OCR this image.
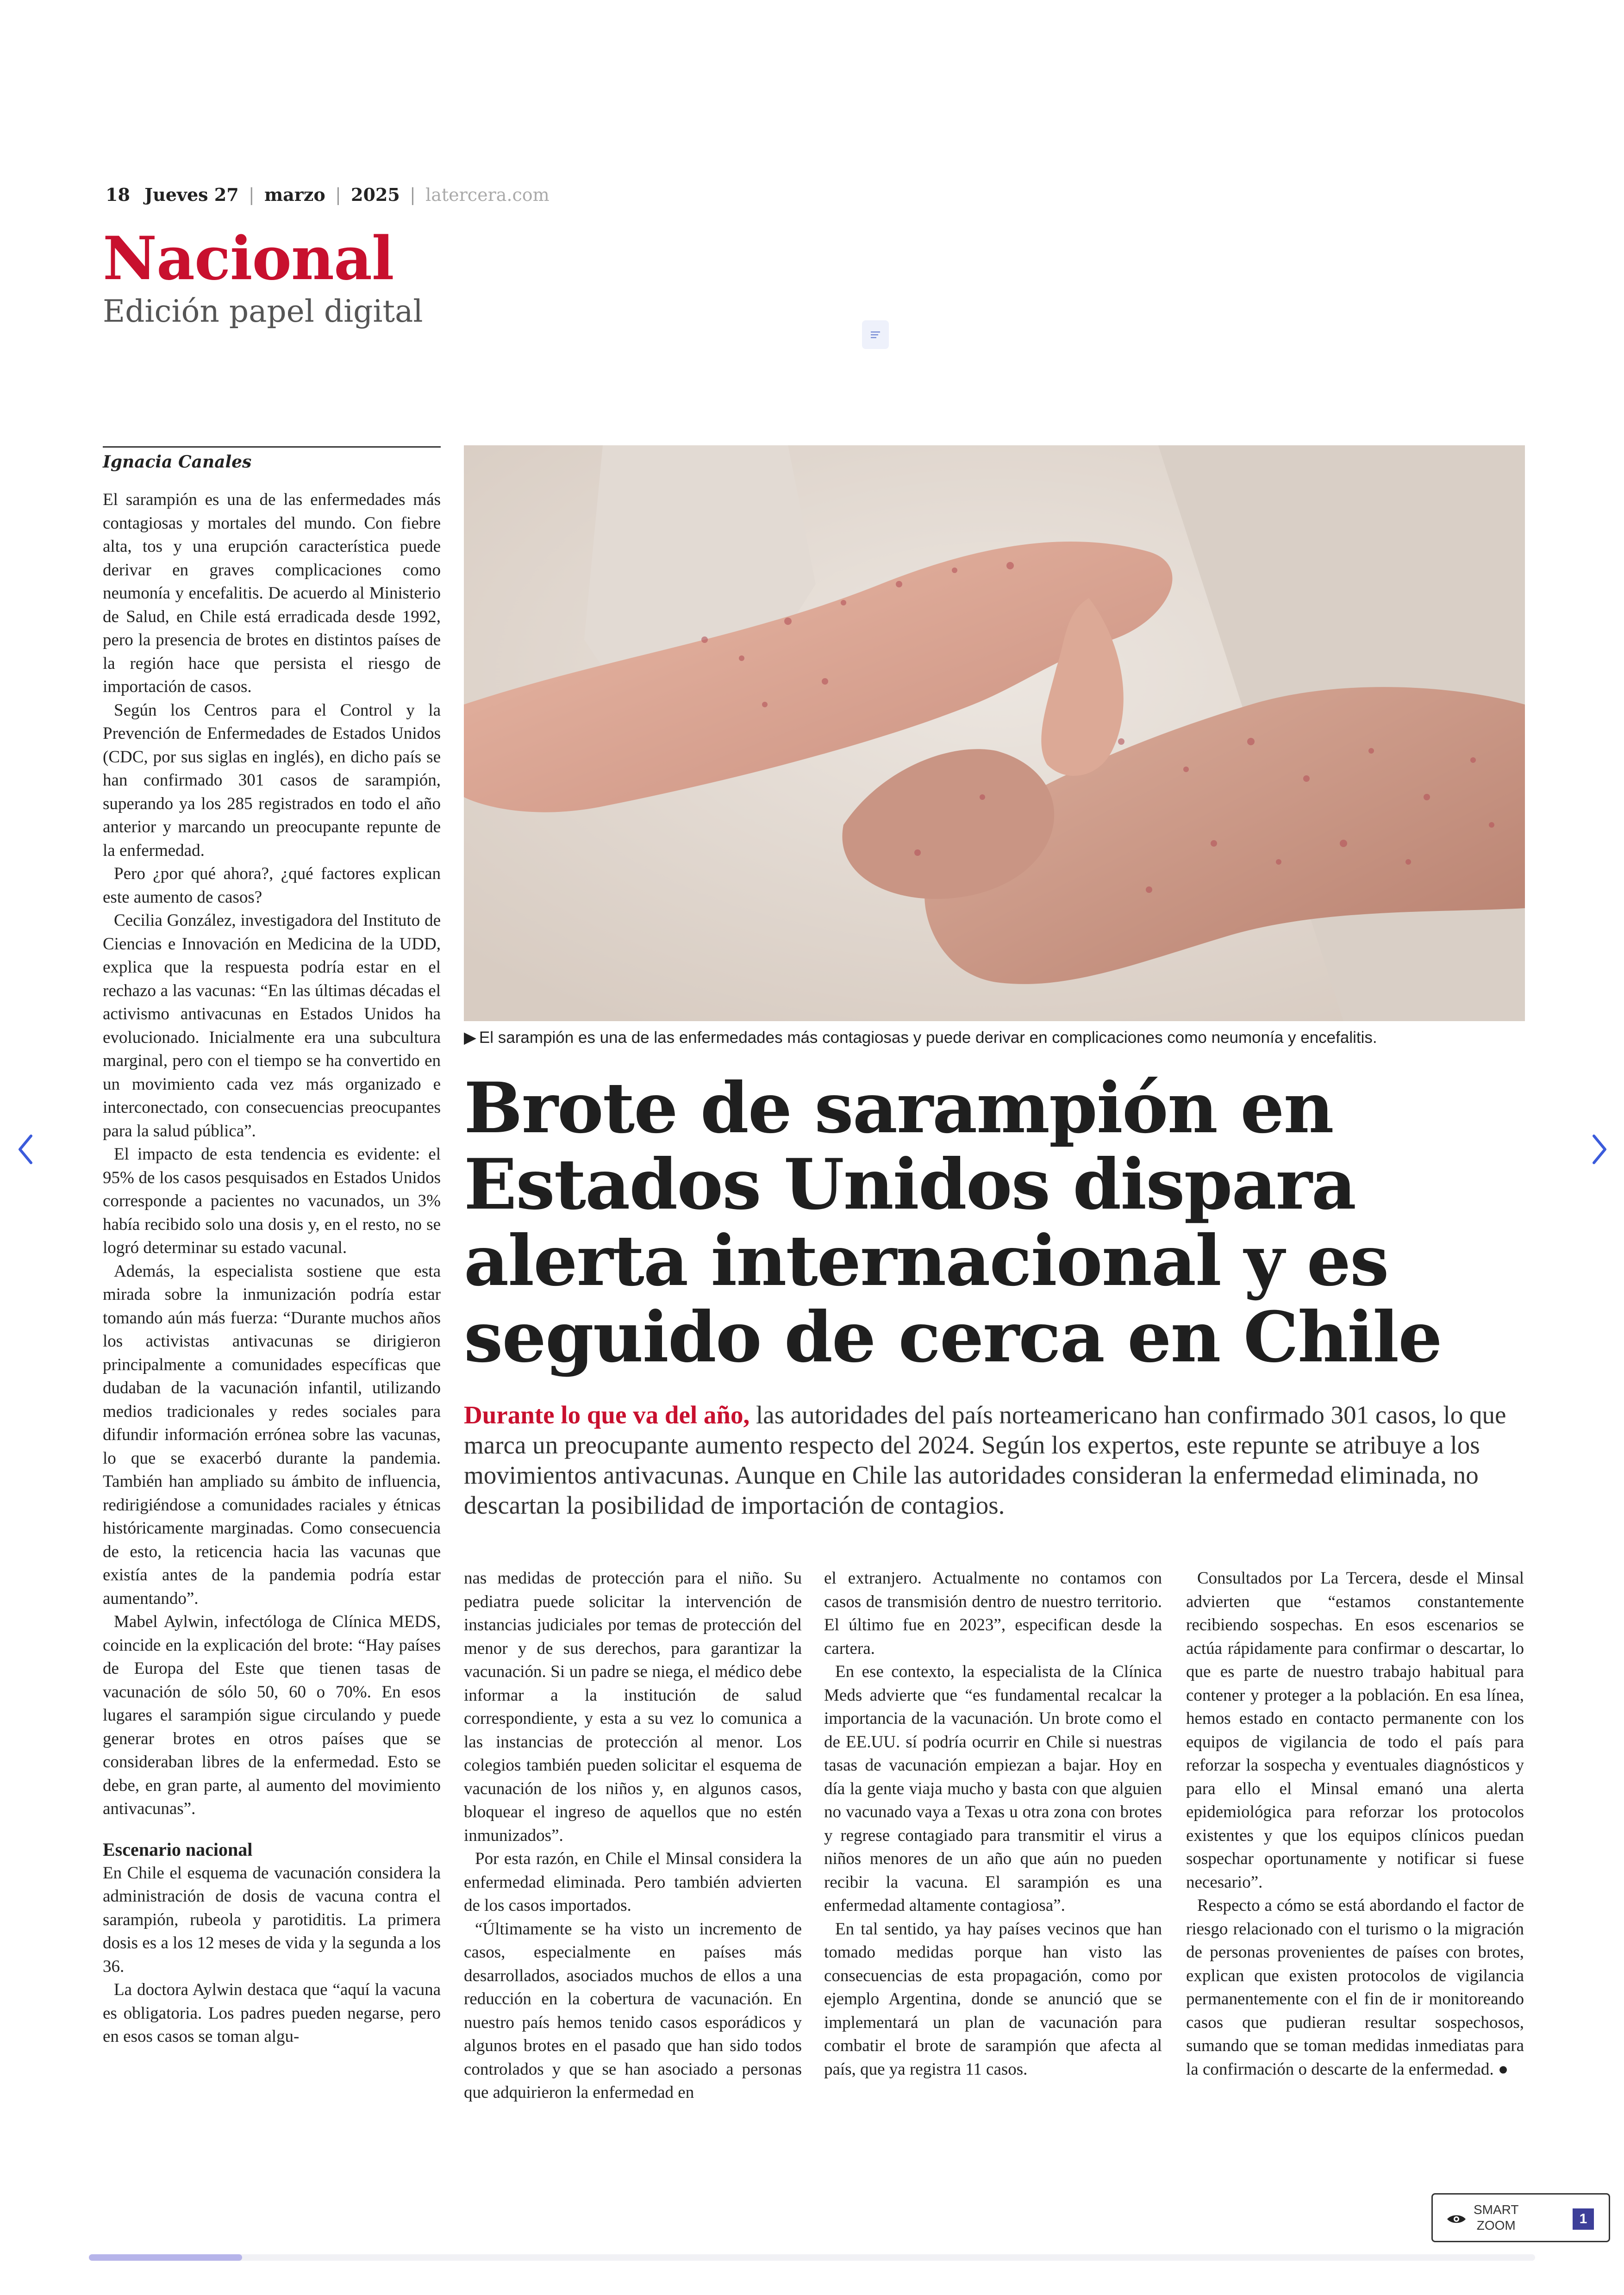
18 Jueves 27 | marzo | 2025 | latercera.com
Nacional
Edición papel digital
Ignacia Canales

El sarampión es una de las enfermedades más contagiosas y mortales del mundo. Con fiebre alta, tos y una erupción característica puede derivar en graves complicaciones como neumonía y encefalitis. De acuerdo al Ministerio de Salud, en Chile está erradicada desde 1992, pero la presencia de brotes en distintos países de la región hace que persista el riesgo de importación de casos.

Según los Centros para el Control y la Prevención de Enfermedades de Estados Unidos (CDC, por sus siglas en inglés), en dicho país se han confirmado 301 casos de sarampión, superando ya los 285 registrados en todo el año anterior y marcando un preocupante repunte de la enfermedad.

Pero ¿por qué ahora?, ¿qué factores explican este aumento de casos?

Cecilia González, investigadora del Instituto de Ciencias e Innovación en Medicina de la UDD, explica que la respuesta podría estar en el rechazo a las vacunas: “En las últimas décadas el activismo antivacunas en Estados Unidos ha evolucionado. Inicialmente era una subcultura marginal, pero con el tiempo se ha convertido en un movimiento cada vez más organizado e interconectado, con consecuencias preocupantes para la salud pública”.

El impacto de esta tendencia es evidente: el 95% de los casos pesquisados en Estados Unidos corresponde a pacientes no vacunados, un 3% había recibido solo una dosis y, en el resto, no se logró determinar su estado vacunal.

Además, la especialista sostiene que esta mirada sobre la inmunización podría estar tomando aún más fuerza: “Durante muchos años los activistas antivacunas se dirigieron principalmente a comunidades específicas que dudaban de la vacunación infantil, utilizando medios tradicionales y redes sociales para difundir información errónea sobre las vacunas, lo que se exacerbó durante la pandemia. También han ampliado su ámbito de influencia, redirigiéndose a comunidades raciales y étnicas históricamente marginadas. Como consecuencia de esto, la reticencia hacia las vacunas que existía antes de la pandemia podría estar aumentando”.

Mabel Aylwin, infectóloga de Clínica MEDS, coincide en la explicación del brote: “Hay países de Europa del Este que tienen tasas de vacunación de sólo 50, 60 o 70%. En esos lugares el sarampión sigue circulando y puede generar brotes en otros países que se consideraban libres de la enfermedad. Esto se debe, en gran parte, al aumento del movimiento antivacunas”.

Escenario nacional

En Chile el esquema de vacunación considera la administración de dosis de vacuna contra el sarampión, rubeola y parotiditis. La primera dosis es a los 12 meses de vida y la segunda a los 36.

La doctora Aylwin destaca que “aquí la vacuna es obligatoria. Los padres pueden negarse, pero en esos casos se toman algu-

▶ El sarampión es una de las enfermedades más contagiosas y puede derivar en complicaciones como neumonía y encefalitis.
Brote de sarampión en Estados Unidos dispara alerta internacional y es seguido de cerca en Chile
Durante lo que va del año, las autoridades del país norteamericano han confirmado 301 casos, lo que marca un preocupante aumento respecto del 2024. Según los expertos, este repunte se atribuye a los movimientos antivacunas. Aunque en Chile las autoridades consideran la enfermedad eliminada, no descartan la posibilidad de importación de contagios.

nas medidas de protección para el niño. Su pediatra puede solicitar la intervención de instancias judiciales por temas de protección del menor y de sus derechos, para garantizar la vacunación. Si un padre se niega, el médico debe informar a la institución de salud correspondiente, y esta a su vez lo comunica a las instancias de protección al menor. Los colegios también pueden solicitar el esquema de vacunación de los niños y, en algunos casos, bloquear el ingreso de aquellos que no estén inmunizados”.

Por esta razón, en Chile el Minsal considera la enfermedad eliminada. Pero también advierten de los casos importados.

“Últimamente se ha visto un incremento de casos, especialmente en países más desarrollados, asociados muchos de ellos a una reducción en la cobertura de vacunación. En nuestro país hemos tenido casos esporádicos y algunos brotes en el pasado que han sido todos controlados y que se han asociado a personas que adquirieron la enfermedad en

el extranjero. Actualmente no contamos con casos de transmisión dentro de nuestro territorio. El último fue en 2023”, especifican desde la cartera.

En ese contexto, la especialista de la Clínica Meds advierte que “es fundamental recalcar la importancia de la vacunación. Un brote como el de EE.UU. sí podría ocurrir en Chile si nuestras tasas de vacunación empiezan a bajar. Hoy en día la gente viaja mucho y basta con que alguien no vacunado vaya a Texas u otra zona con brotes y regrese contagiado para transmitir el virus a niños menores de un año que aún no pueden recibir la vacuna. El sarampión es una enfermedad altamente contagiosa”.

En tal sentido, ya hay países vecinos que han tomado medidas porque han visto las consecuencias de esta propagación, como por ejemplo Argentina, donde se anunció que se implementará un plan de vacunación para combatir el brote de sarampión que afecta al país, que ya registra 11 casos.

Consultados por La Tercera, desde el Minsal advierten que “estamos constantemente recibiendo sospechas. En esos escenarios se actúa rápidamente para confirmar o descartar, lo que es parte de nuestro trabajo habitual para contener y proteger a la población. En esa línea, hemos estado en contacto permanente con los equipos de vigilancia de todo el país para reforzar la sospecha y eventuales diagnósticos y para ello el Minsal emanó una alerta epidemiológica para reforzar los protocolos existentes y que los equipos clínicos puedan sospechar oportunamente y notificar si fuese necesario”.

Respecto a cómo se está abordando el factor de riesgo relacionado con el turismo o la migración de personas provenientes de países con brotes, explican que existen protocolos de vigilancia permanentemente con el fin de ir monitoreando casos que pudieran resultar sospechosos, sumando que se toman medidas inmediatas para la confirmación o descarte de la enfermedad. ●

SMART
ZOOM	1
